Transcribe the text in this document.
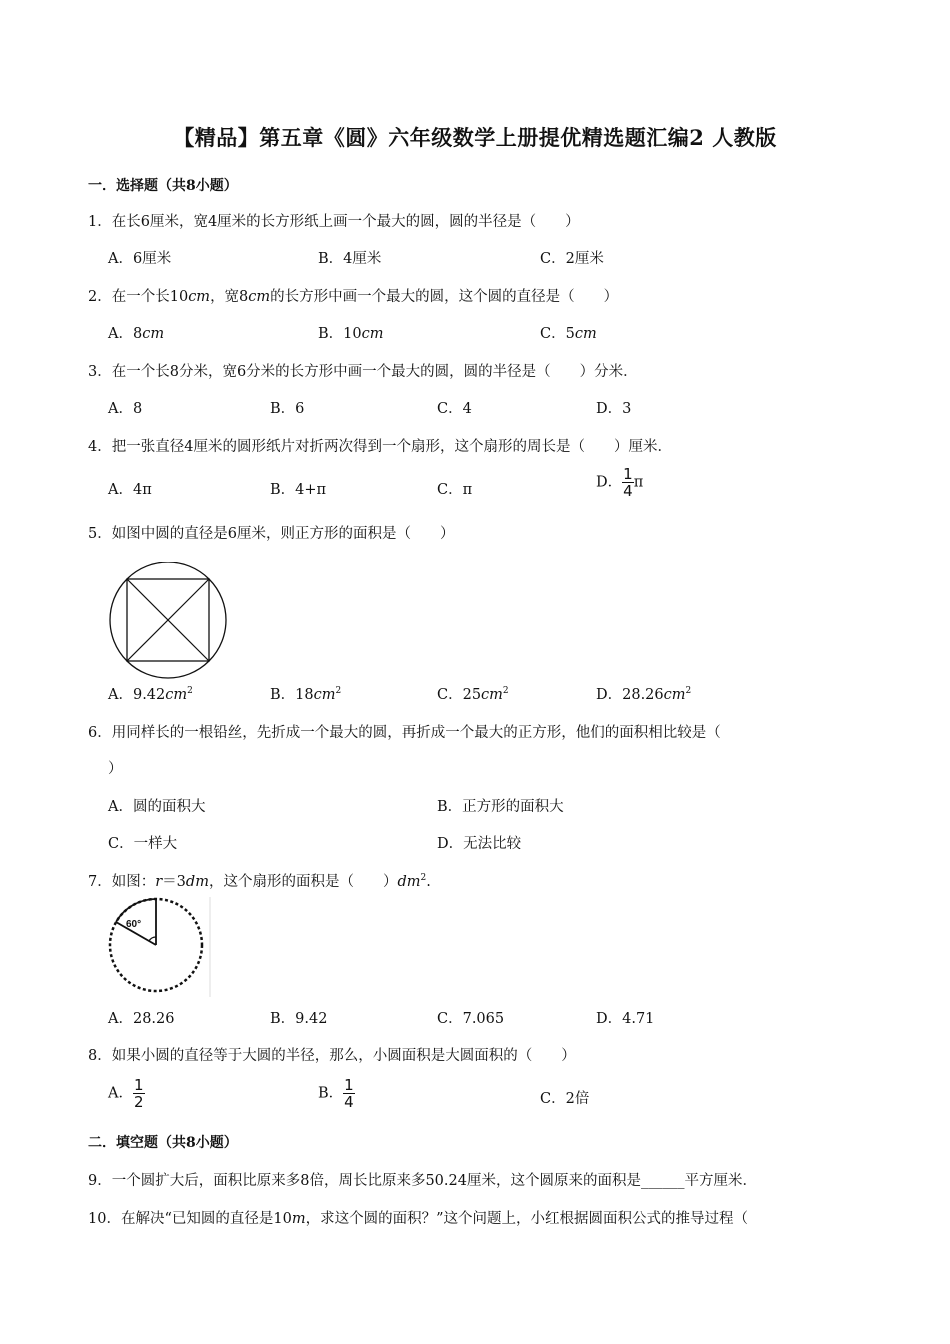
【精品】第五章《圆》六年级数学上册提优精选题汇编2 人教版
一．选择题（共8小题）
1．在长6厘米，宽4厘米的长方形纸上画一个最大的圆，圆的半径是（　　）
A．6厘米	B．4厘米	C．2厘米
2．在一个长10cm，宽8cm的长方形中画一个最大的圆，这个圆的直径是（　　）
A．8cm	B．10cm	C．5cm
3．在一个长8分米，宽6分米的长方形中画一个最大的圆，圆的半径是（　　）分米．
A．8	B．6	C．4	D．3
4．把一张直径4厘米的圆形纸片对折两次得到一个扇形，这个扇形的周长是（　　）厘米．
A．4π	B．4+π	C．π	D． $\frac{1}{4}$ π
5．如图中圆的直径是6厘米，则正方形的面积是（　　）
A．$9.42cm^2$	B．$18cm^2$	C．$25cm^2$	D．$28.26cm^2$
6．用同样长的一根铅丝，先折成一个最大的圆，再折成一个最大的正方形，他们的面积相比较是（
）
A．圆的面积大	B．正方形的面积大
C．一样大	D．无法比较
7．如图：r＝3dm，这个扇形的面积是（　　）$dm^2$.
60°
A．28.26	B．9.42	C．7.065	D．4.71
8．如果小圆的直径等于大圆的半径，那么，小圆面积是大圆面积的（　　）
A． $\frac{1}{2}$	B． $\frac{1}{4}$	C．2倍
二．填空题（共8小题）
9．一个圆扩大后，面积比原来多8倍，周长比原来多50.24厘米，这个圆原来的面积是______平方厘米．
10．在解决“已知圆的直径是10m，求这个圆的面积？”这个问题上，小红根据圆面积公式的推导过程（
